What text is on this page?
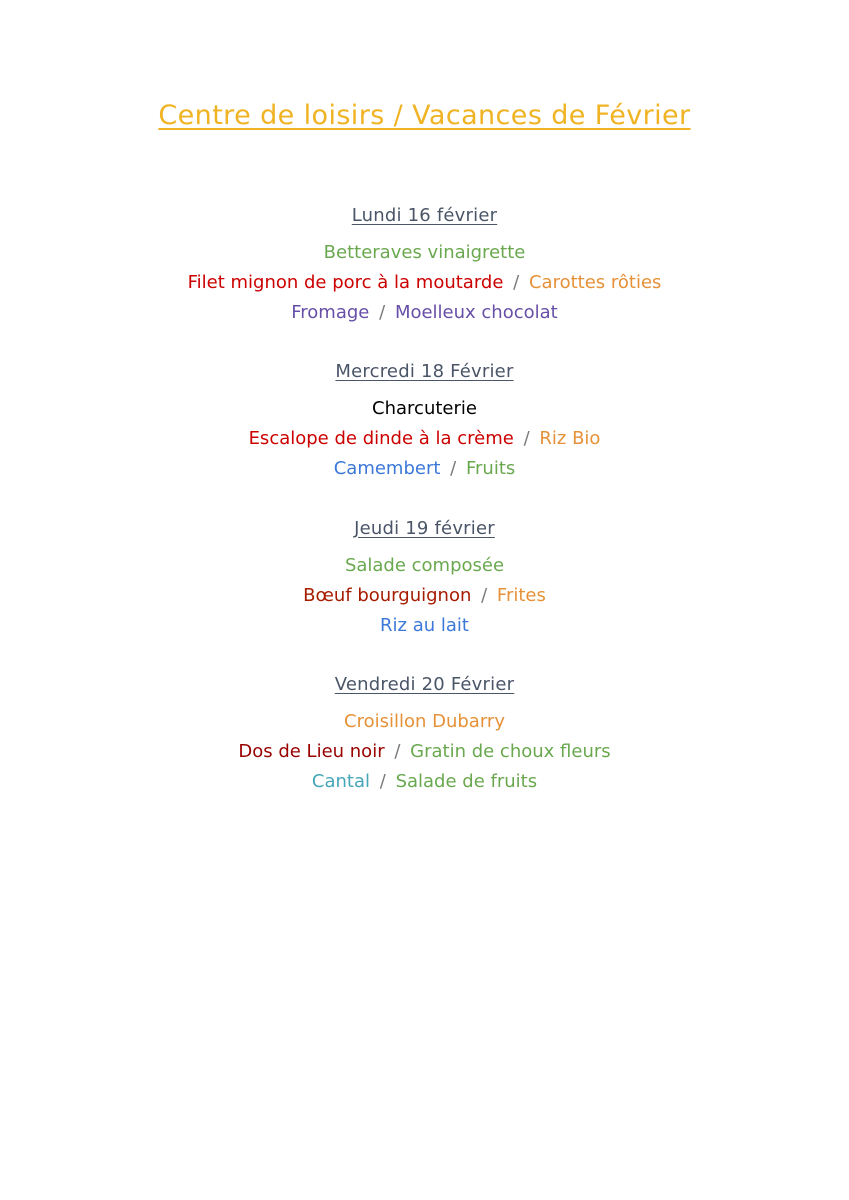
Centre de loisirs / Vacances de Février
Lundi 16 février
Betteraves vinaigrette
Filet mignon de porc à la moutarde / Carottes rôties
Fromage / Moelleux chocolat
Mercredi 18 Février
Charcuterie
Escalope de dinde à la crème / Riz Bio
Camembert / Fruits
Jeudi 19 février
Salade composée
Bœuf bourguignon / Frites
Riz au lait
Vendredi 20 Février
Croisillon Dubarry
Dos de Lieu noir / Gratin de choux fleurs
Cantal / Salade de fruits
